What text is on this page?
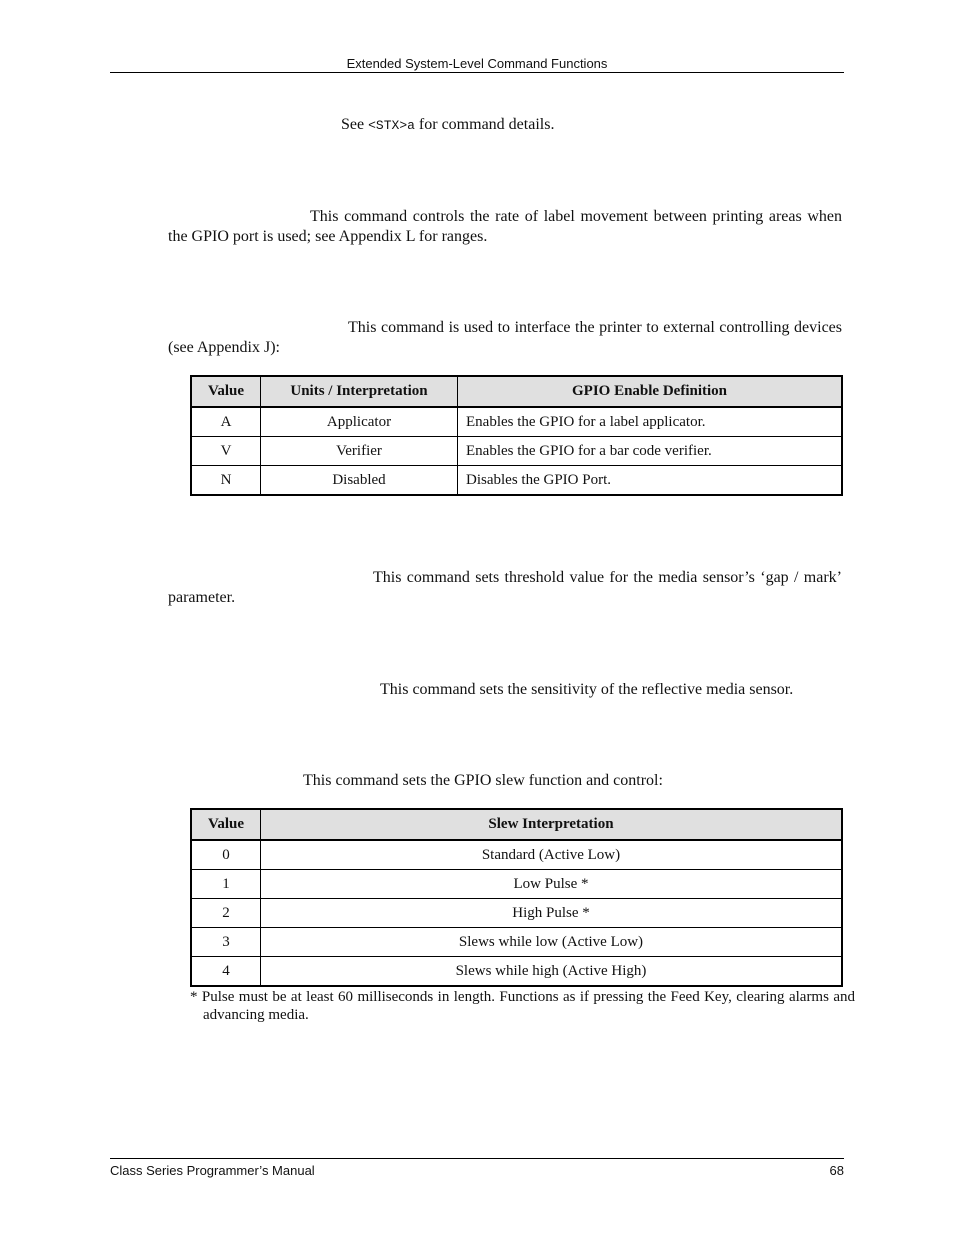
Extended System-Level Command Functions

See <STX>a for command details.

This command controls the rate of label movement between printing areas when the GPIO port is used; see Appendix L for ranges.

This command is used to interface the printer to external controlling devices (see Appendix J):

Value	Units / Interpretation	GPIO Enable Definition
A	Applicator	Enables the GPIO for a label applicator.
V	Verifier	Enables the GPIO for a bar code verifier.
N	Disabled	Disables the GPIO Port.

This command sets threshold value for the media sensor’s ‘gap / mark’ parameter.

This command sets the sensitivity of the reflective media sensor.

This command sets the GPIO slew function and control:

Value	Slew Interpretation
0	Standard (Active Low)
1	Low Pulse *
2	High Pulse *
3	Slews while low (Active Low)
4	Slews while high (Active High)

* Pulse must be at least 60 milliseconds in length. Functions as if pressing the Feed Key, clearing alarms and advancing media.

Class Series Programmer’s Manual	68
